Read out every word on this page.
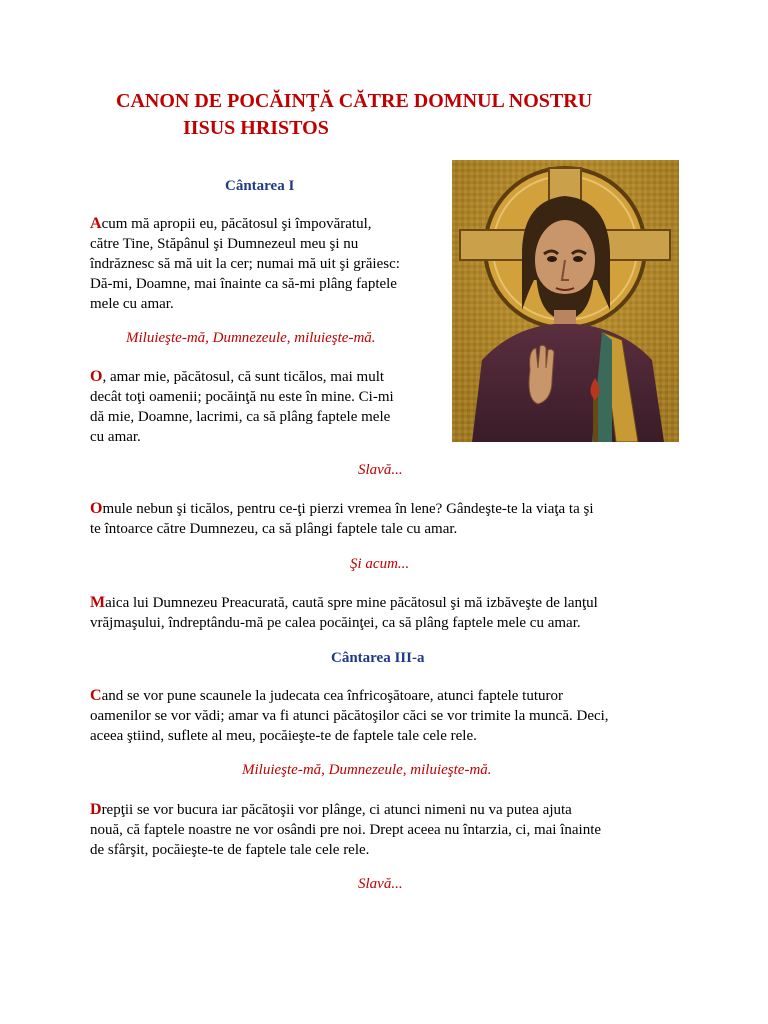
CANON DE POCĂINŢĂ CĂTRE DOMNUL NOSTRU
IISUS HRISTOS
Cântarea I

Acum mă apropii eu, păcătosul şi împovăratul,
către Tine, Stăpânul şi Dumnezeul meu şi nu
îndrăznesc să mă uit la cer; numai mă uit şi grăiesc:
Dă-mi, Doamne, mai înainte ca să-mi plâng faptele
mele cu amar.

Miluieşte-mă, Dumnezeule, miluieşte-mă.

O, amar mie, păcătosul, că sunt ticălos, mai mult
decât toţi oamenii; pocăinţă nu este în mine. Ci-mi
dă mie, Doamne, lacrimi, ca să plâng faptele mele
cu amar.

Slavă...

Omule nebun şi ticălos, pentru ce-ţi pierzi vremea în lene? Gândeşte-te la viaţa ta şi
te întoarce către Dumnezeu, ca să plângi faptele tale cu amar.

Şi acum...

Maica lui Dumnezeu Preacurată, caută spre mine păcătosul şi mă izbăveşte de lanţul
vrăjmaşului, îndreptându-mă pe calea pocăinţei, ca să plâng faptele mele cu amar.

Cântarea III-a

Cand se vor pune scaunele la judecata cea înfricoşătoare, atunci faptele tuturor
oamenilor se vor vădi; amar va fi atunci păcătoşilor căci se vor trimite la muncă. Deci,
aceea ştiind, suflete al meu, pocăieşte-te de faptele tale cele rele.

Miluieşte-mă, Dumnezeule, miluieşte-mă.

Drepţii se vor bucura iar păcătoşii vor plânge, ci atunci nimeni nu va putea ajuta
nouă, că faptele noastre ne vor osândi pre noi. Drept aceea nu întarzia, ci, mai înainte
de sfârşit, pocăieşte-te de faptele tale cele rele.

Slavă...
